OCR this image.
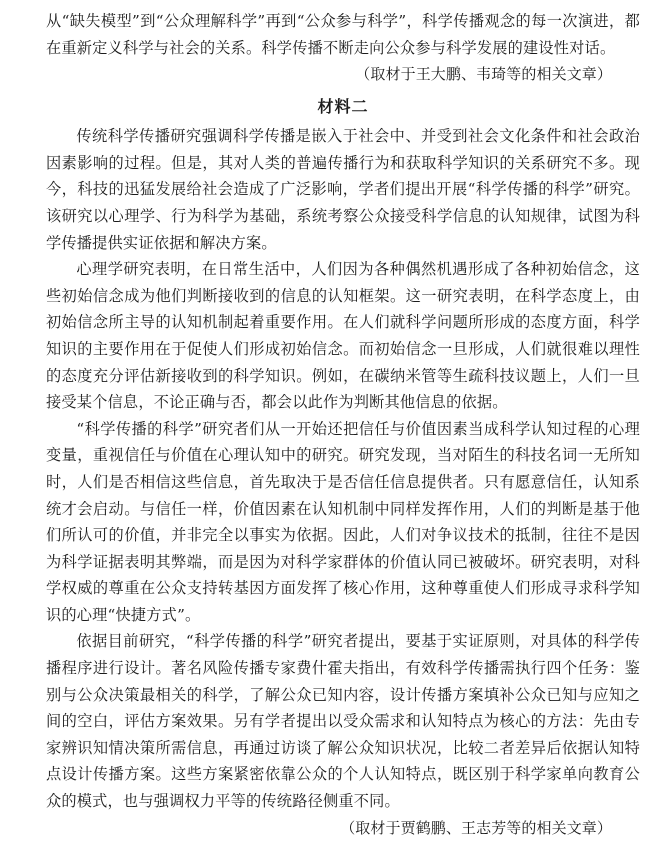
从“缺失模型”到“公众理解科学”再到“公众参与科学”，科学传播观念的每一次演进，都在重新定义科学与社会的关系。科学传播不断走向公众参与科学发展的建设性对话。

（取材于王大鹏、韦琦等的相关文章）

材料二

传统科学传播研究强调科学传播是嵌入于社会中、并受到社会文化条件和社会政治因素影响的过程。但是，其对人类的普遍传播行为和获取科学知识的关系研究不多。现今，科技的迅猛发展给社会造成了广泛影响，学者们提出开展“科学传播的科学”研究。该研究以心理学、行为科学为基础，系统考察公众接受科学信息的认知规律，试图为科学传播提供实证依据和解决方案。

心理学研究表明，在日常生活中，人们因为各种偶然机遇形成了各种初始信念，这些初始信念成为他们判断接收到的信息的认知框架。这一研究表明，在科学态度上，由初始信念所主导的认知机制起着重要作用。在人们就科学问题所形成的态度方面，科学知识的主要作用在于促使人们形成初始信念。而初始信念一旦形成，人们就很难以理性的态度充分评估新接收到的科学知识。例如，在碳纳米管等生疏科技议题上，人们一旦接受某个信息，不论正确与否，都会以此作为判断其他信息的依据。

“科学传播的科学”研究者们从一开始还把信任与价值因素当成科学认知过程的心理变量，重视信任与价值在心理认知中的研究。研究发现，当对陌生的科技名词一无所知时，人们是否相信这些信息，首先取决于是否信任信息提供者。只有愿意信任，认知系统才会启动。与信任一样，价值因素在认知机制中同样发挥作用，人们的判断是基于他们所认可的价值，并非完全以事实为依据。因此，人们对争议技术的抵制，往往不是因为科学证据表明其弊端，而是因为对科学家群体的价值认同已被破坏。研究表明，对科学权威的尊重在公众支持转基因方面发挥了核心作用，这种尊重使人们形成寻求科学知识的心理“快捷方式”。

依据目前研究，“科学传播的科学”研究者提出，要基于实证原则，对具体的科学传播程序进行设计。著名风险传播专家费什霍夫指出，有效科学传播需执行四个任务：鉴别与公众决策最相关的科学，了解公众已知内容，设计传播方案填补公众已知与应知之间的空白，评估方案效果。另有学者提出以受众需求和认知特点为核心的方法：先由专家辨识知情决策所需信息，再通过访谈了解公众知识状况，比较二者差异后依据认知特点设计传播方案。这些方案紧密依靠公众的个人认知特点，既区别于科学家单向教育公众的模式，也与强调权力平等的传统路径侧重不同。

（取材于贾鹤鹏、王志芳等的相关文章）
